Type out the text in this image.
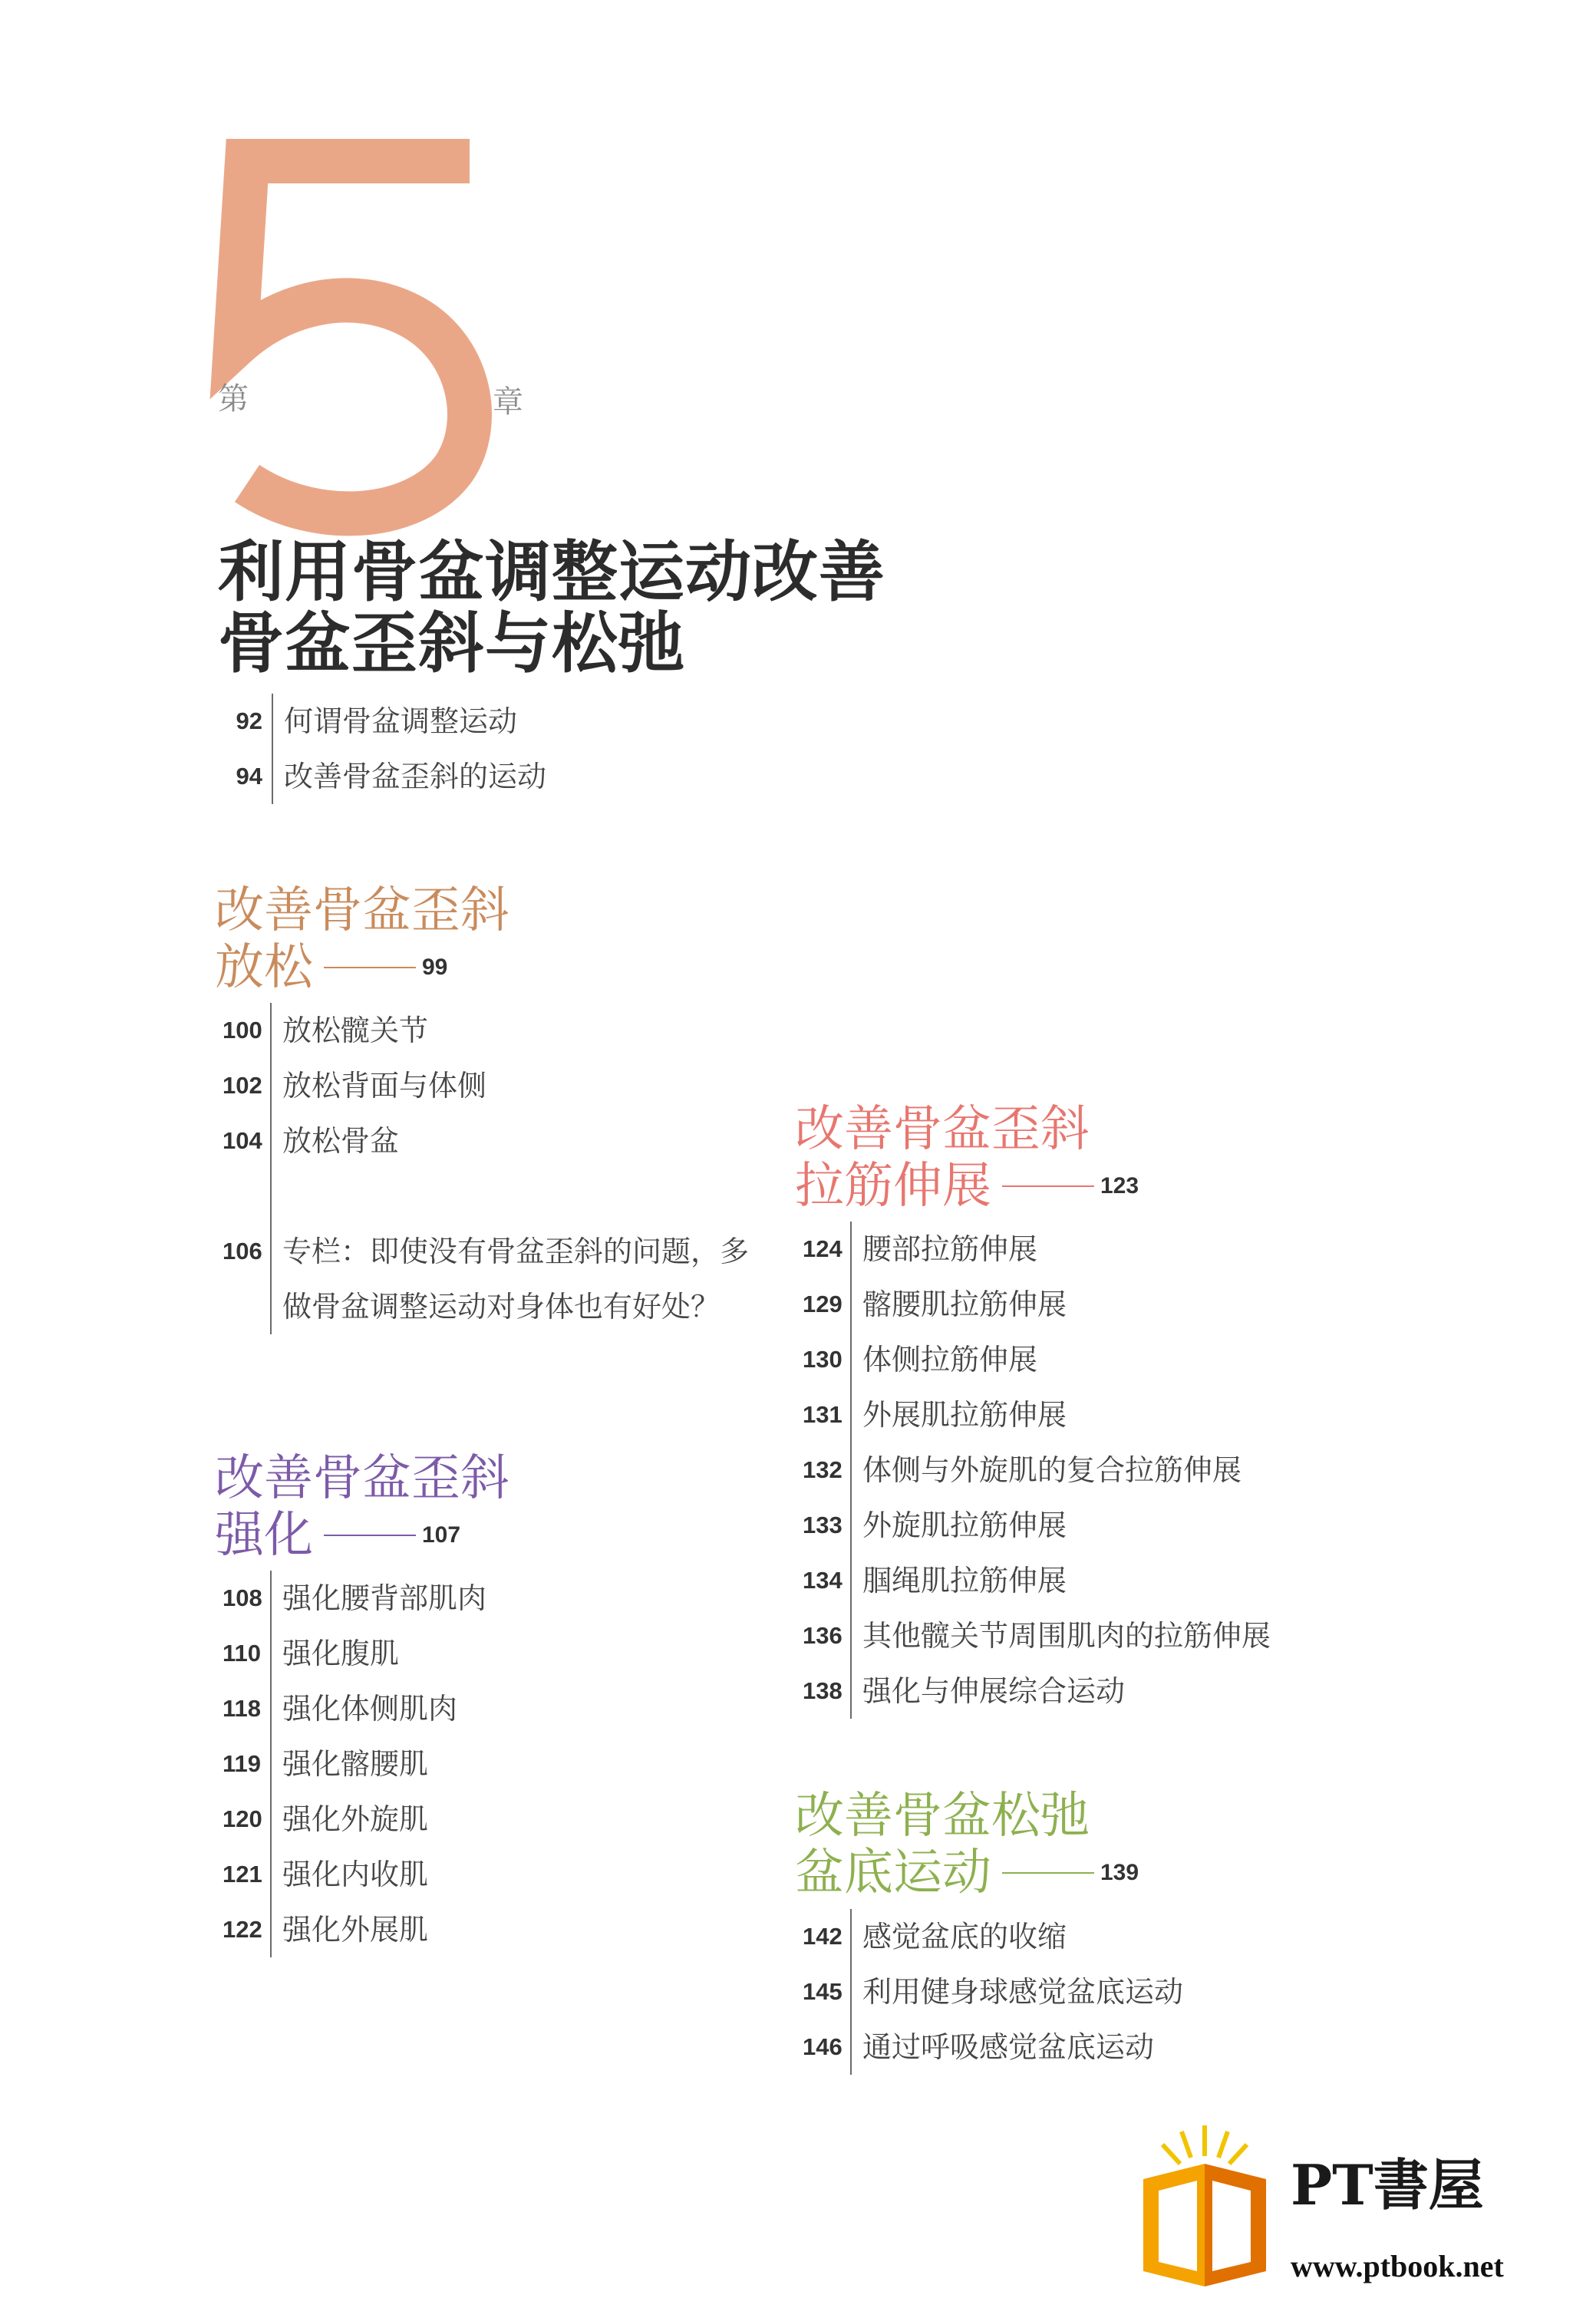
第	章
利用骨盆调整运动改善
骨盆歪斜与松弛
92 何谓骨盆调整运动
94 改善骨盆歪斜的运动
改善骨盆歪斜
放松	99
100 放松髋关节
102 放松背面与体侧
104 放松骨盆
106 专栏：即使没有骨盆歪斜的问题，多做骨盆调整运动对身体也有好处？
改善骨盆歪斜
强化	107
108 强化腰背部肌肉
110 强化腹肌
118 强化体侧肌肉
119 强化髂腰肌
120 强化外旋肌
121 强化内收肌
122 强化外展肌
改善骨盆歪斜
拉筋伸展	123
124 腰部拉筋伸展
129 髂腰肌拉筋伸展
130 体侧拉筋伸展
131 外展肌拉筋伸展
132 体侧与外旋肌的复合拉筋伸展
133 外旋肌拉筋伸展
134 腘绳肌拉筋伸展
136 其他髋关节周围肌肉的拉筋伸展
138 强化与伸展综合运动
改善骨盆松弛
盆底运动	139
142 感觉盆底的收缩
145 利用健身球感觉盆底运动
146 通过呼吸感觉盆底运动
PT書屋
www.ptbook.net
